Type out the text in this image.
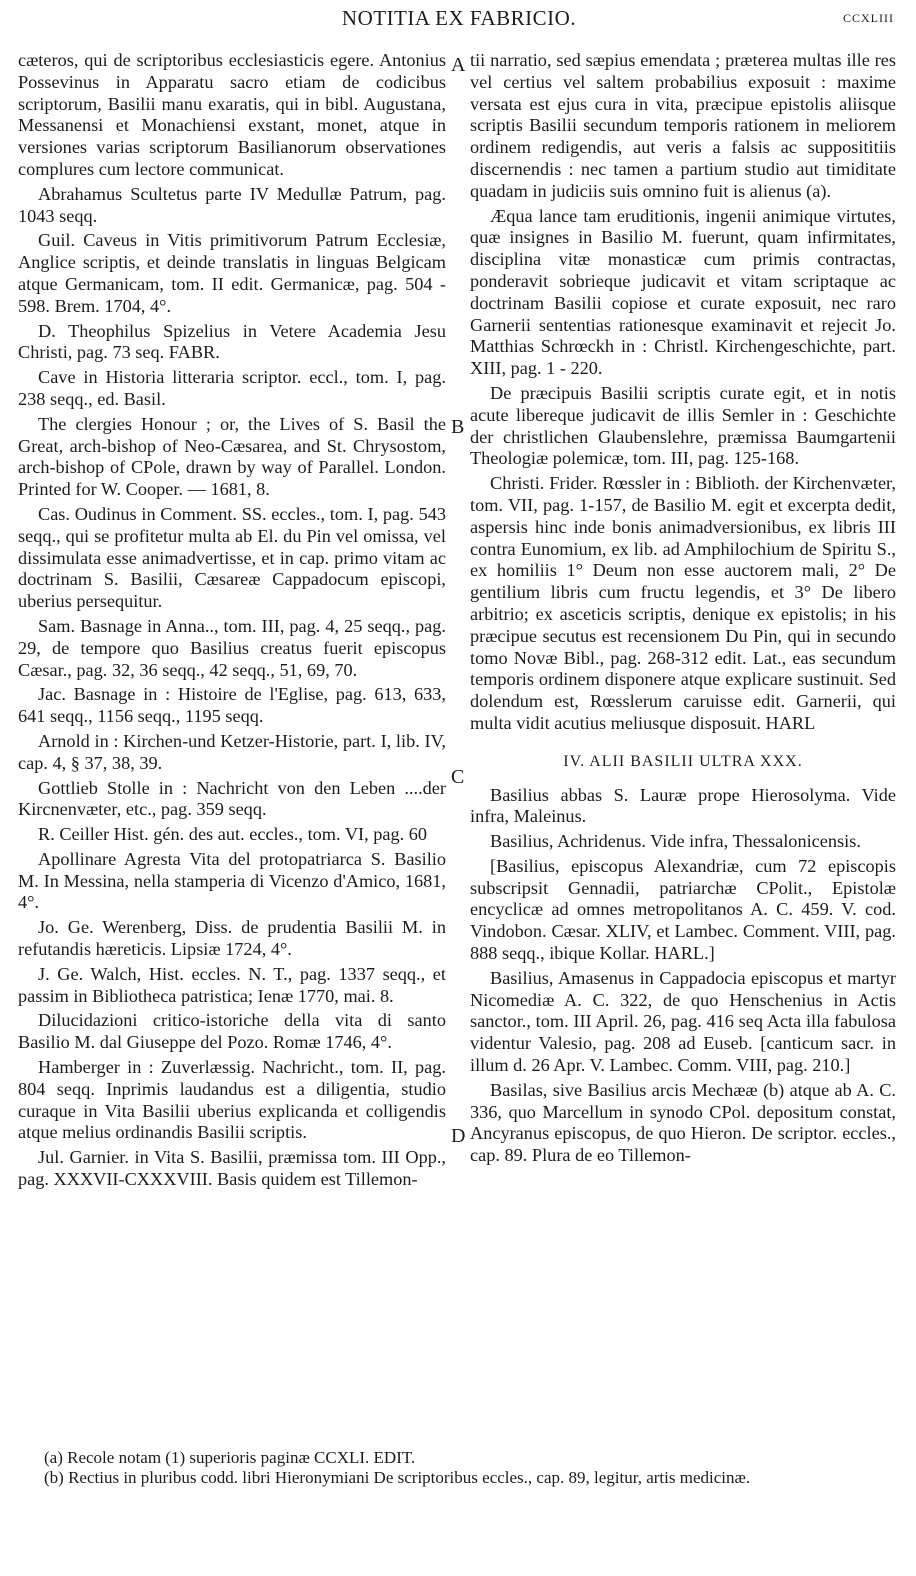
NOTITIA EX FABRICIO.	CCXLIII
A
B
C
D

cæteros, qui de scriptoribus ecclesiasticis egere. Antonius Possevinus in Apparatu sacro etiam de codicibus scriptorum, Basilii manu exaratis, qui in bibl. Augustana, Messanensi et Monachiensi exstant, monet, atque in versiones varias scriptorum Basilianorum observationes complures cum lectore communicat.

Abrahamus Scultetus parte IV Medullæ Patrum, pag. 1043 seqq.

Guil. Caveus in Vitis primitivorum Patrum Ecclesiæ, Anglice scriptis, et deinde translatis in linguas Belgicam atque Germanicam, tom. II edit. Germanicæ, pag. 504 - 598. Brem. 1704, 4°.

D. Theophilus Spizelius in Vetere Academia Jesu Christi, pag. 73 seq. FABR.

Cave in Historia litteraria scriptor. eccl., tom. I, pag. 238 seqq., ed. Basil.

The clergies Honour ; or, the Lives of S. Basil the Great, arch-bishop of Neo-Cæsarea, and St. Chrysostom, arch-bishop of CPole, drawn by way of Parallel. London. Printed for W. Cooper. — 1681, 8.

Cas. Oudinus in Comment. SS. eccles., tom. I, pag. 543 seqq., qui se profitetur multa ab El. du Pin vel omissa, vel dissimulata esse animadvertisse, et in cap. primo vitam ac doctrinam S. Basilii, Cæsareæ Cappadocum episcopi, uberius persequitur.

Sam. Basnage in Anna.., tom. III, pag. 4, 25 seqq., pag. 29, de tempore quo Basilius creatus fuerit episcopus Cæsar., pag. 32, 36 seqq., 42 seqq., 51, 69, 70.

Jac. Basnage in : Histoire de l'Eglise, pag. 613, 633, 641 seqq., 1156 seqq., 1195 seqq.

Arnold in : Kirchen-und Ketzer-Historie, part. I, lib. IV, cap. 4, § 37, 38, 39.

Gottlieb Stolle in : Nachricht von den Leben ....der Kircnenvæter, etc., pag. 359 seqq.

R. Ceiller Hist. gén. des aut. eccles., tom. VI, pag. 60

Apollinare Agresta Vita del protopatriarca S. Basilio M. In Messina, nella stamperia di Vicenzo d'Amico, 1681, 4°.

Jo. Ge. Werenberg, Diss. de prudentia Basilii M. in refutandis hæreticis. Lipsiæ 1724, 4°.

J. Ge. Walch, Hist. eccles. N. T., pag. 1337 seqq., et passim in Bibliotheca patristica; Ienæ 1770, mai. 8.

Dilucidazioni critico-istoriche della vita di santo Basilio M. dal Giuseppe del Pozo. Romæ 1746, 4°.

Hamberger in : Zuverlæssig. Nachricht., tom. II, pag. 804 seqq. Inprimis laudandus est a diligentia, studio curaque in Vita Basilii uberius explicanda et colligendis atque melius ordinandis Basilii scriptis.

Jul. Garnier. in Vita S. Basilii, præmissa tom. III Opp., pag. XXXVII-CXXXVIII. Basis quidem est Tillemon-

tii narratio, sed sæpius emendata ; præterea multas ille res vel certius vel saltem probabilius exposuit : maxime versata est ejus cura in vita, præcipue epistolis aliisque scriptis Basilii secundum temporis rationem in meliorem ordinem redigendis, aut veris a falsis ac supposititiis discernendis : nec tamen a partium studio aut timiditate quadam in judiciis suis omnino fuit is alienus (a).

Æqua lance tam eruditionis, ingenii animique virtutes, quæ insignes in Basilio M. fuerunt, quam infirmitates, disciplina vitæ monasticæ cum primis contractas, ponderavit sobrieque judicavit et vitam scriptaque ac doctrinam Basilii copiose et curate exposuit, nec raro Garnerii sententias rationesque examinavit et rejecit Jo. Matthias Schrœckh in : Christl. Kirchengeschichte, part. XIII, pag. 1 - 220.

De præcipuis Basilii scriptis curate egit, et in notis acute libereque judicavit de illis Semler in : Geschichte der christlichen Glaubenslehre, præmissa Baumgartenii Theologiæ polemicæ, tom. III, pag. 125-168.

Christi. Frider. Rœssler in : Biblioth. der Kirchenvæter, tom. VII, pag. 1-157, de Basilio M. egit et excerpta dedit, aspersis hinc inde bonis animadversionibus, ex libris III contra Eunomium, ex lib. ad Amphilochium de Spiritu S., ex homiliis 1° Deum non esse auctorem mali, 2° De gentilium libris cum fructu legendis, et 3° De libero arbitrio; ex asceticis scriptis, denique ex epistolis; in his præcipue secutus est recensionem Du Pin, qui in secundo tomo Novæ Bibl., pag. 268-312 edit. Lat., eas secundum temporis ordinem disponere atque explicare sustinuit. Sed dolendum est, Rœsslerum caruisse edit. Garnerii, qui multa vidit acutius meliusque disposuit. HARL

IV. ALII BASILII ULTRA XXX.

Basilius abbas S. Lauræ prope Hierosolyma. Vide infra, Maleinus.

Basilius, Achridenus. Vide infra, Thessalonicensis.

[Basilius, episcopus Alexandriæ, cum 72 episcopis subscripsit Gennadii, patriarchæ CPolit., Epistolæ encyclicæ ad omnes metropolitanos A. C. 459. V. cod. Vindobon. Cæsar. XLIV, et Lambec. Comment. VIII, pag. 888 seqq., ibique Kollar. HARL.]

Basilius, Amasenus in Cappadocia episcopus et martyr Nicomediæ A. C. 322, de quo Henschenius in Actis sanctor., tom. III April. 26, pag. 416 seq Acta illa fabulosa videntur Valesio, pag. 208 ad Euseb. [canticum sacr. in illum d. 26 Apr. V. Lambec. Comm. VIII, pag. 210.]

Basilas, sive Basilius arcis Mechææ (b) atque ab A. C. 336, quo Marcellum in synodo CPol. depositum constat, Ancyranus episcopus, de quo Hieron. De scriptor. eccles., cap. 89. Plura de eo Tillemon-

(a) Recole notam (1) superioris paginæ CCXLI. EDIT.

(b) Rectius in pluribus codd. libri Hieronymiani De scriptoribus eccles., cap. 89, legitur, artis medicinæ.
